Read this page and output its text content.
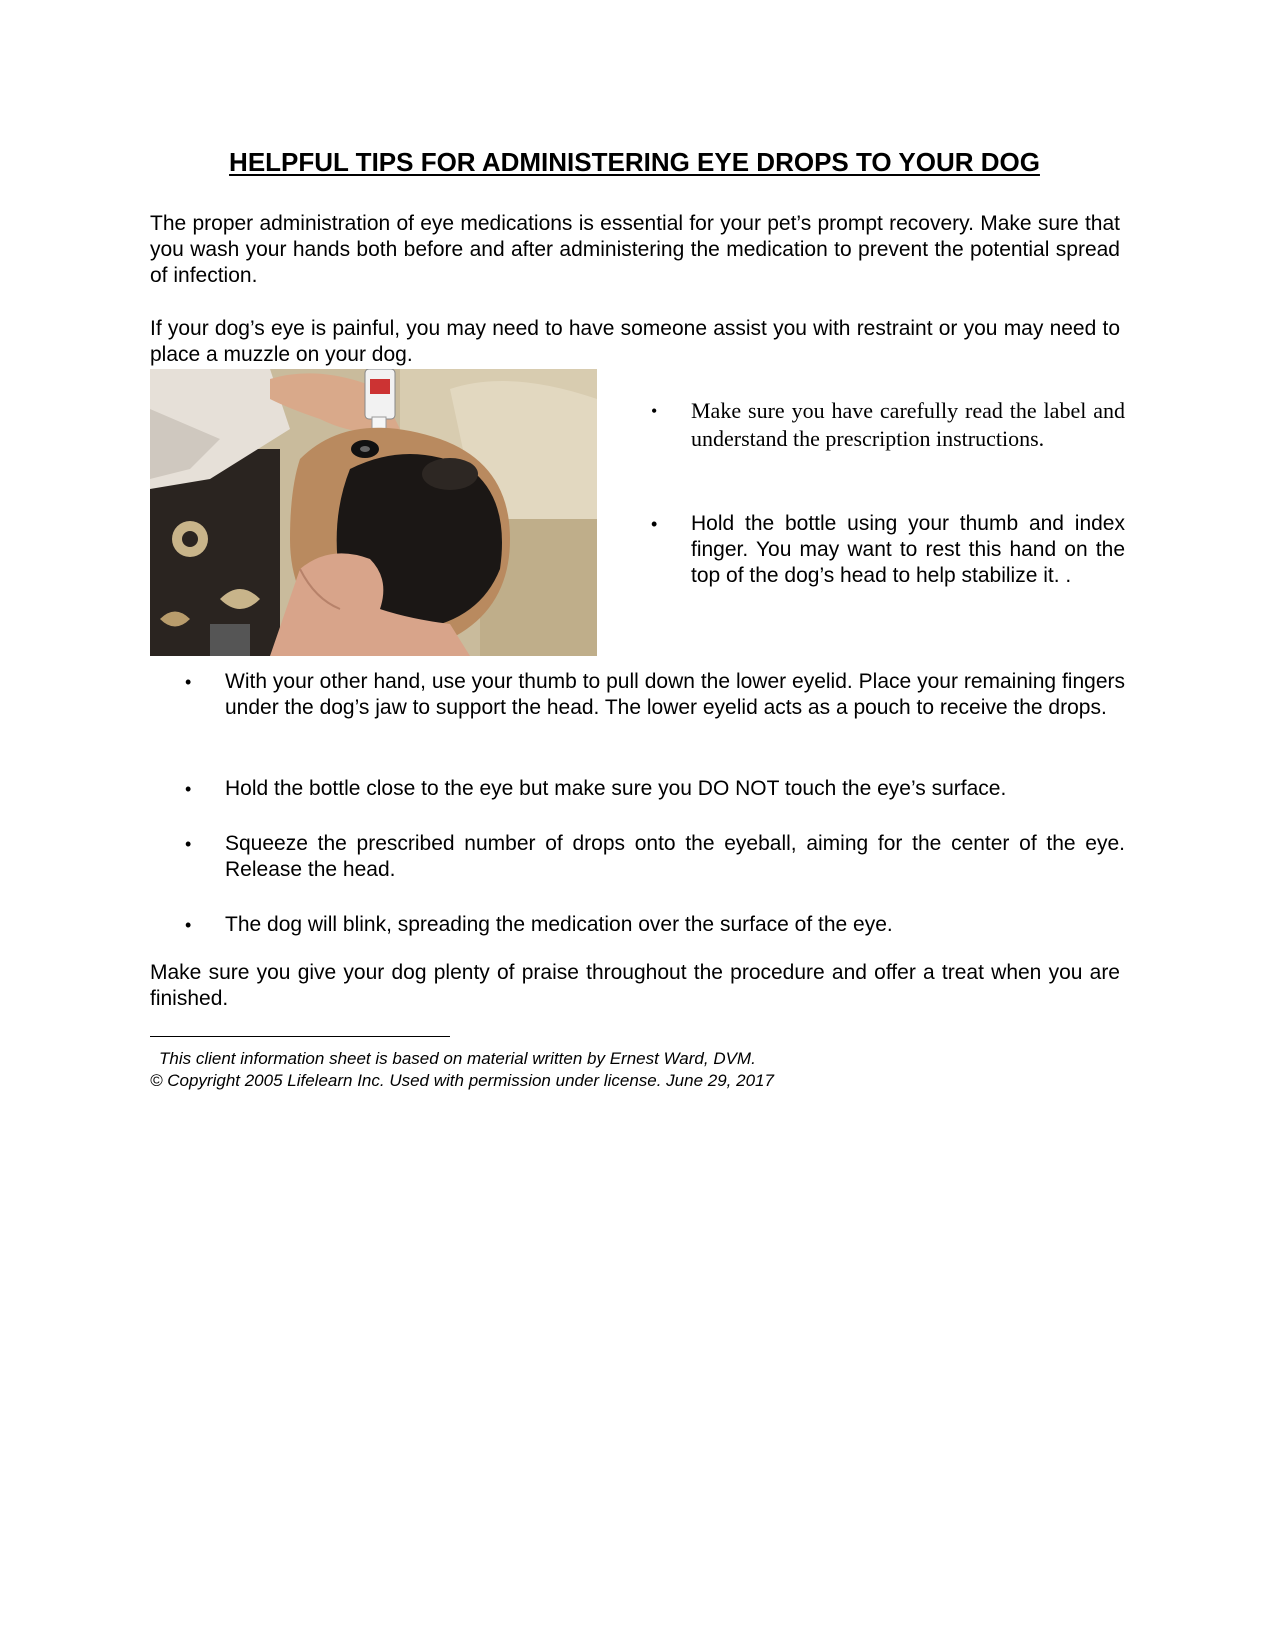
HELPFUL TIPS FOR ADMINISTERING EYE DROPS TO YOUR DOG

The proper administration of eye medications is essential for your pet’s prompt recovery. Make sure that you wash your hands both before and after administering the medication to prevent the potential spread of infection.

If your dog’s eye is painful, you may need to have someone assist you with restraint or you may need to place a muzzle on your dog.

• Make sure you have carefully read the label and understand the prescription instructions.
• Hold the bottle using your thumb and index finger. You may want to rest this hand on the top of the dog’s head to help stabilize it. .
• With your other hand, use your thumb to pull down the lower eyelid. Place your remaining fingers under the dog’s jaw to support the head. The lower eyelid acts as a pouch to receive the drops.
• Hold the bottle close to the eye but make sure you DO NOT touch the eye’s surface.
• Squeeze the prescribed number of drops onto the eyeball, aiming for the center of the eye. Release the head.
• The dog will blink, spreading the medication over the surface of the eye.

Make sure you give your dog plenty of praise throughout the procedure and offer a treat when you are finished.

This client information sheet is based on material written by Ernest Ward, DVM.
© Copyright 2005 Lifelearn Inc. Used with permission under license. June 29, 2017
